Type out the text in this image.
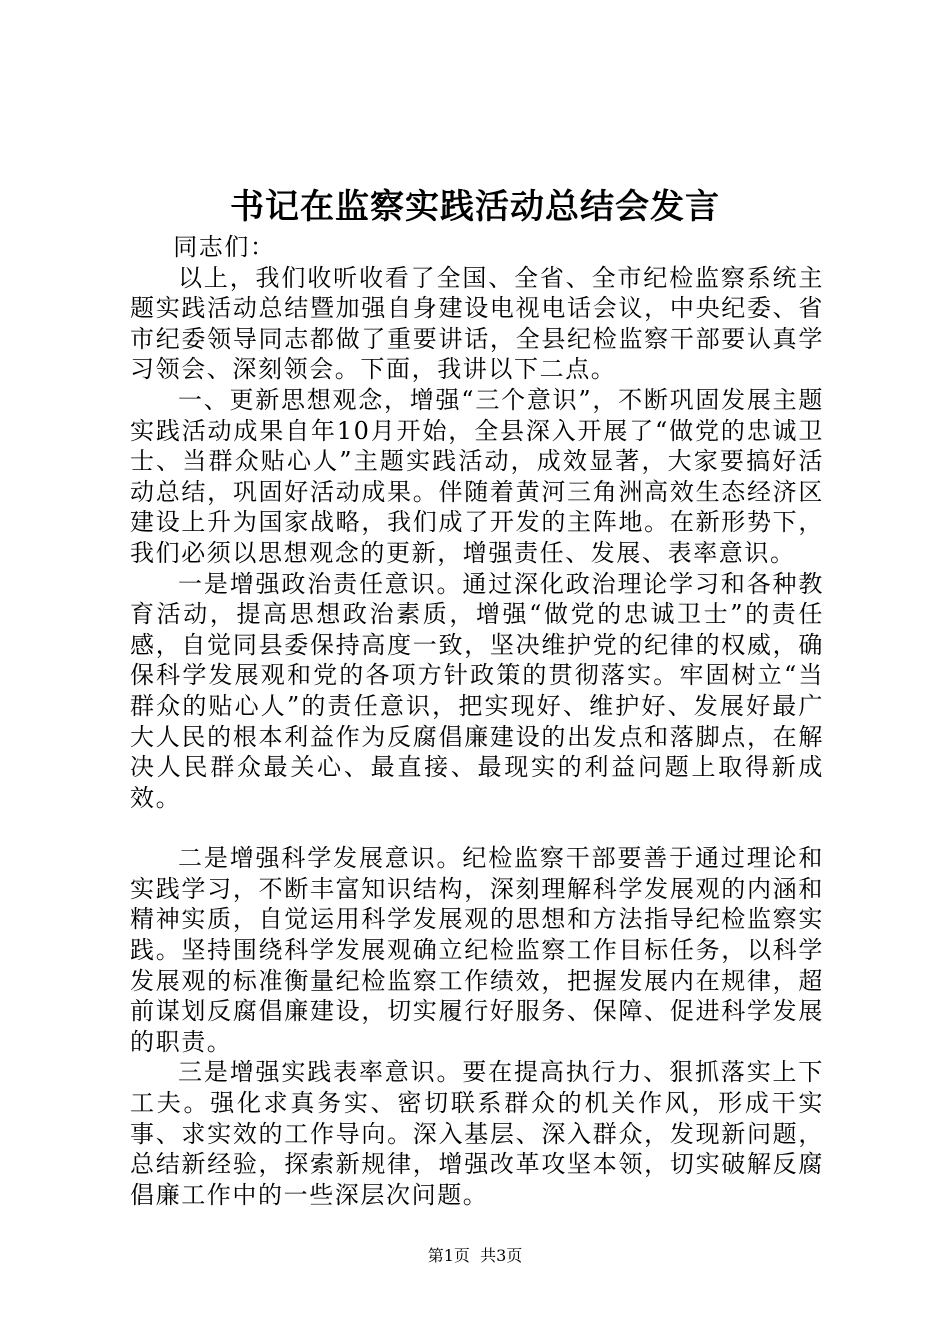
书记在监察实践活动总结会发言

同志们：

以上，我们收听收看了全国、全省、全市纪检监察系统主题实践活动总结暨加强自身建设电视电话会议，中央纪委、省市纪委领导同志都做了重要讲话，全县纪检监察干部要认真学习领会、深刻领会。下面，我讲以下二点。

一、更新思想观念，增强“三个意识”，不断巩固发展主题实践活动成果自年10月开始，全县深入开展了“做党的忠诚卫士、当群众贴心人”主题实践活动，成效显著，大家要搞好活动总结，巩固好活动成果。伴随着黄河三角洲高效生态经济区建设上升为国家战略，我们成了开发的主阵地。在新形势下，我们必须以思想观念的更新，增强责任、发展、表率意识。

一是增强政治责任意识。通过深化政治理论学习和各种教育活动，提高思想政治素质，增强“做党的忠诚卫士”的责任感，自觉同县委保持高度一致，坚决维护党的纪律的权威，确保科学发展观和党的各项方针政策的贯彻落实。牢固树立“当群众的贴心人”的责任意识，把实现好、维护好、发展好最广大人民的根本利益作为反腐倡廉建设的出发点和落脚点，在解决人民群众最关心、最直接、最现实的利益问题上取得新成效。

二是增强科学发展意识。纪检监察干部要善于通过理论和实践学习，不断丰富知识结构，深刻理解科学发展观的内涵和精神实质，自觉运用科学发展观的思想和方法指导纪检监察实践。坚持围绕科学发展观确立纪检监察工作目标任务，以科学发展观的标准衡量纪检监察工作绩效，把握发展内在规律，超前谋划反腐倡廉建设，切实履行好服务、保障、促进科学发展的职责。

三是增强实践表率意识。要在提高执行力、狠抓落实上下工夫。强化求真务实、密切联系群众的机关作风，形成干实事、求实效的工作导向。深入基层、深入群众，发现新问题，总结新经验，探索新规律，增强改革攻坚本领，切实破解反腐倡廉工作中的一些深层次问题。

第1页 共3页
